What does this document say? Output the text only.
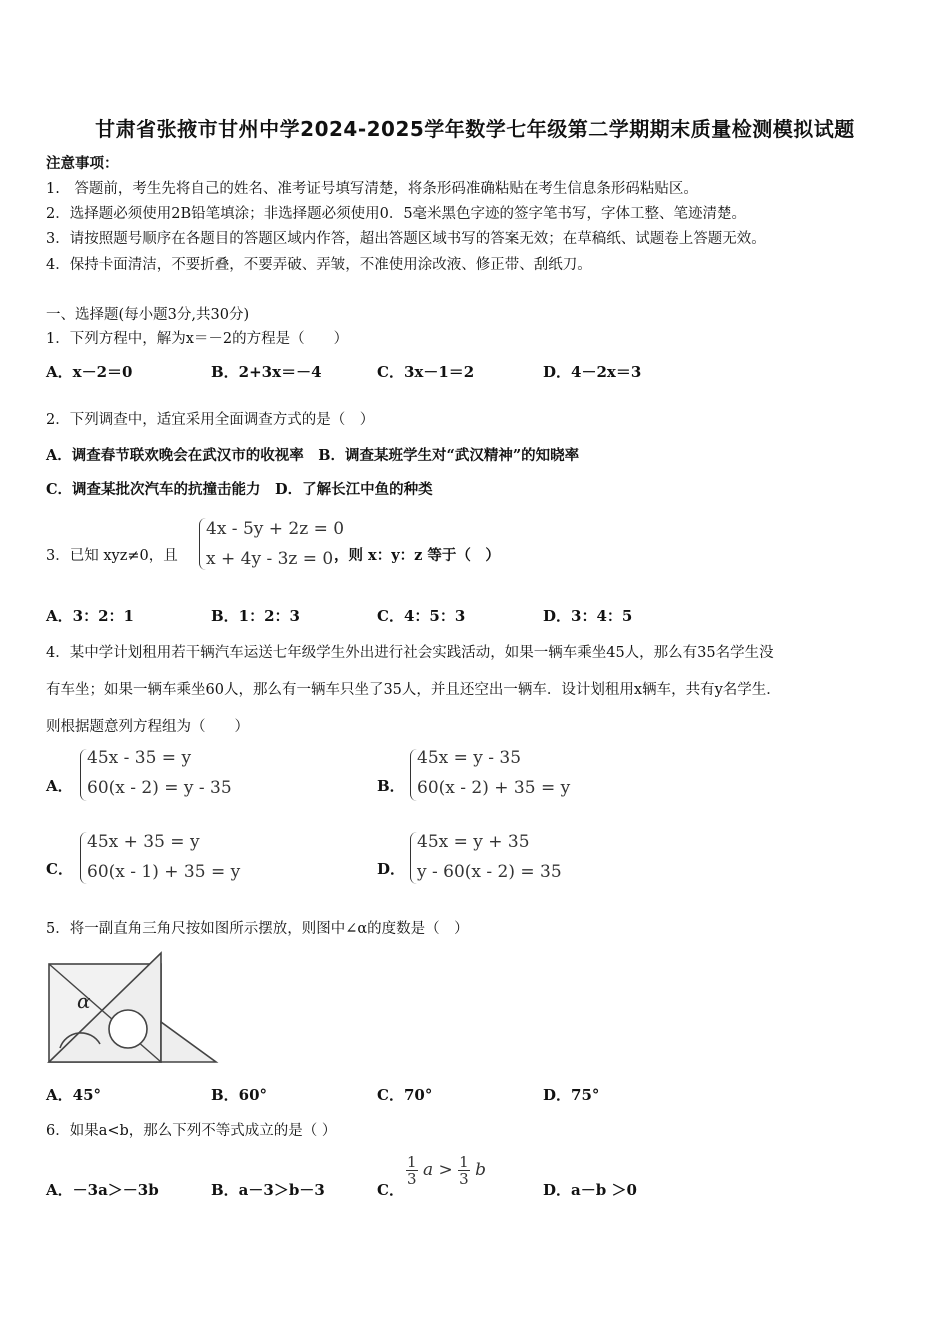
甘肃省张掖市甘州中学2024-2025学年数学七年级第二学期期末质量检测模拟试题
注意事项：
1.　答题前，考生先将自己的姓名、准考证号填写清楚，将条形码准确粘贴在考生信息条形码粘贴区。
2．选择题必须使用2B铅笔填涂；非选择题必须使用0．5毫米黑色字迹的签字笔书写，字体工整、笔迹清楚。
3．请按照题号顺序在各题目的答题区域内作答，超出答题区域书写的答案无效；在草稿纸、试题卷上答题无效。
4．保持卡面清洁，不要折叠，不要弄破、弄皱，不准使用涂改液、修正带、刮纸刀。
一、选择题(每小题3分,共30分)
1．下列方程中，解为x＝－2的方程是（　　）
A．x－2＝0	B．2+3x＝－4	C．3x－1＝2	D．4－2x＝3
2．下列调查中，适宜采用全面调查方式的是（　）
A．调查春节联欢晚会在武汉市的收视率　B．调查某班学生对“武汉精神”的知晓率
C．调查某批次汽车的抗撞击能力　D．了解长江中鱼的种类
3．已知 xyz≠0，且
4x - 5y + 2z = 0
x + 4y - 3z = 0 ，则 x：y：z 等于（　）
A．3：2：1	B．1：2：3	C．4：5：3	D．3：4：5
4．某中学计划租用若干辆汽车运送七年级学生外出进行社会实践活动，如果一辆车乘坐45人，那么有35名学生没
有车坐；如果一辆车乘坐60人，那么有一辆车只坐了35人，并且还空出一辆车．设计划租用x辆车，共有y名学生．
则根据题意列方程组为（　　）
A．
45x - 35 = y
60(x - 2) = y - 35	B．
45x = y - 35
60(x - 2) + 35 = y
C．
45x + 35 = y
60(x - 1) + 35 = y	D．
45x = y + 35
y - 60(x - 2) = 35
5．将一副直角三角尺按如图所示摆放，则图中∠α的度数是（　）
α
A．45°	B．60°	C．70°	D．75°
6．如果a<b，那么下列不等式成立的是（ ）
A．－3a＞－3b	B．a－3＞b－3	C．
$\frac{1}{3}$ $a > \frac{1}{3}$ b
D．a－b ＞0
